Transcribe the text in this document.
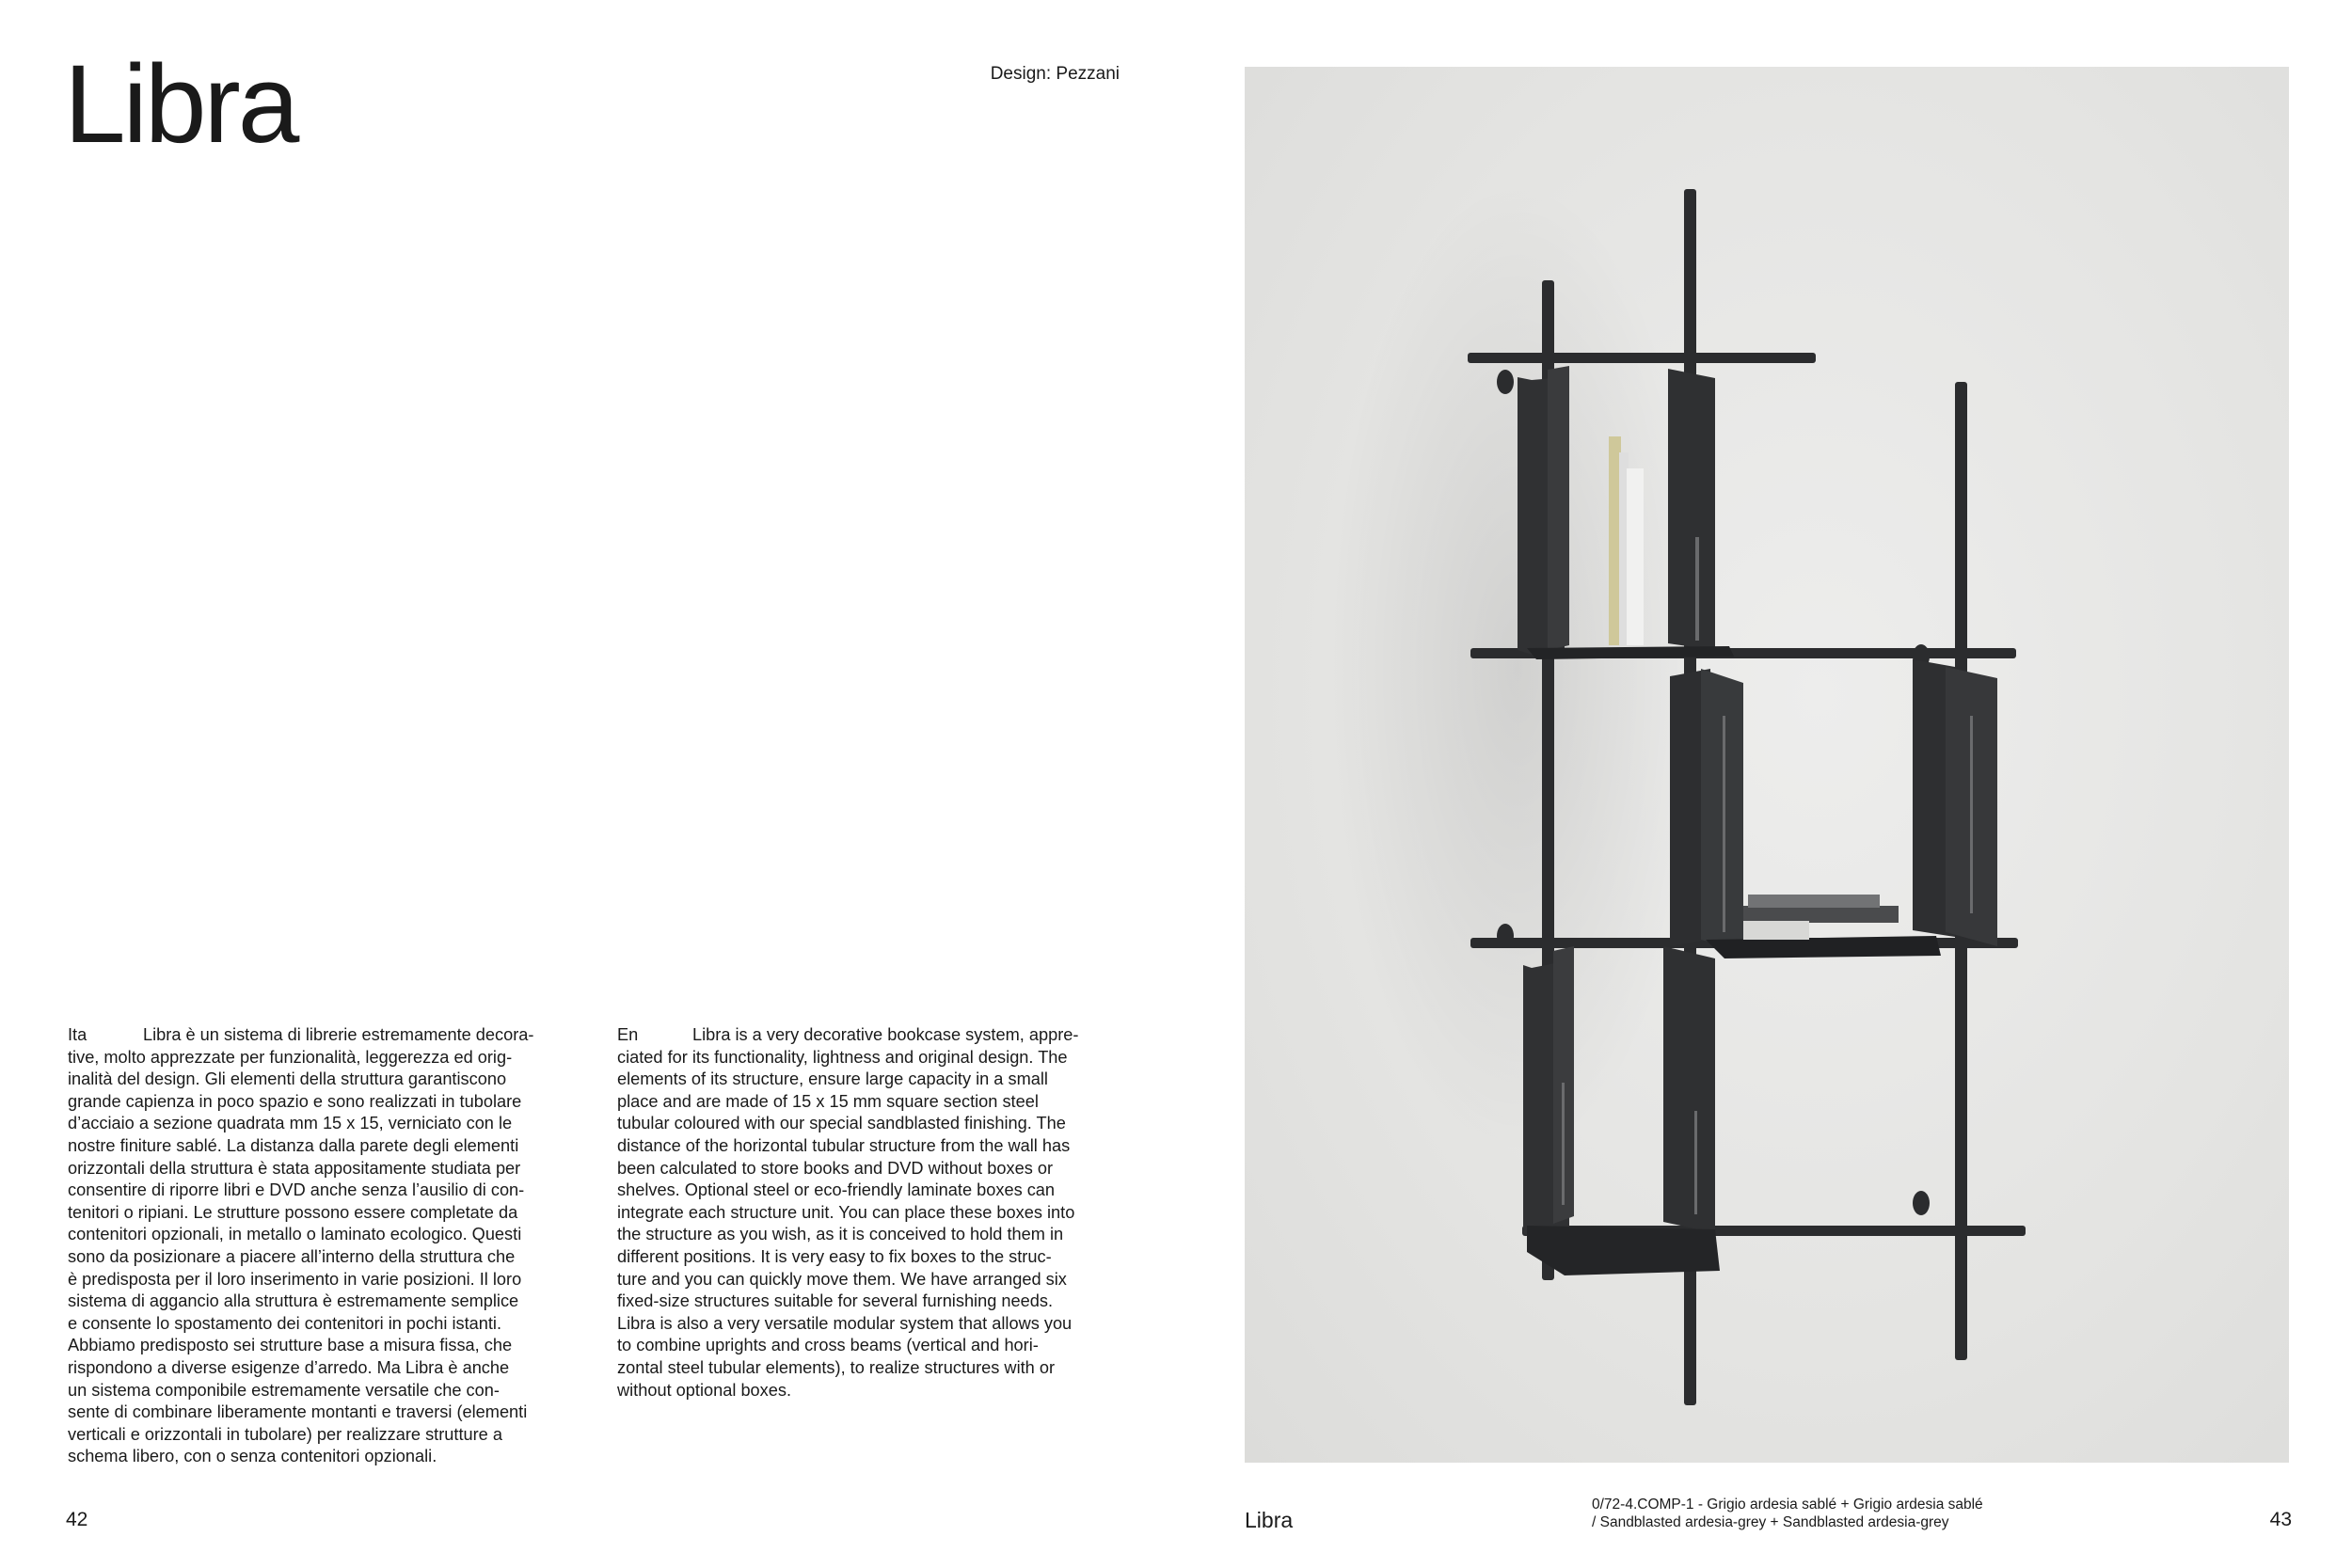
Libra	Design: Pezzani
Ita	Libra è un sistema di librerie estremamente decora-
tive, molto apprezzate per funzionalità, leggerezza ed orig-
inalità del design. Gli elementi della struttura garantiscono
grande capienza in poco spazio e sono realizzati in tubolare
d’acciaio a sezione quadrata mm 15 x 15, verniciato con le
nostre finiture sablé. La distanza dalla parete degli elementi
orizzontali della struttura è stata appositamente studiata per
consentire di riporre libri e DVD anche senza l’ausilio di con-
tenitori o ripiani. Le strutture possono essere completate da
contenitori opzionali, in metallo o laminato ecologico. Questi
sono da posizionare a piacere all’interno della struttura che
è predisposta per il loro inserimento in varie posizioni. Il loro
sistema di aggancio alla struttura è estremamente semplice
e consente lo spostamento dei contenitori in pochi istanti.
Abbiamo predisposto sei strutture base a misura fissa, che
rispondono a diverse esigenze d’arredo. Ma Libra è anche
un sistema componibile estremamente versatile che con-
sente di combinare liberamente montanti e traversi (elementi
verticali e orizzontali in tubolare) per realizzare strutture a
schema libero, con o senza contenitori opzionali.
En	Libra is a very decorative bookcase system, appre-
ciated for its functionality, lightness and original design. The
elements of its structure, ensure large capacity in a small
place and are made of 15 x 15 mm square section steel
tubular coloured with our special sandblasted finishing. The
distance of the horizontal tubular structure from the wall has
been calculated to store books and DVD without boxes or
shelves. Optional steel or eco-friendly laminate boxes can
integrate each structure unit. You can place these boxes into
the structure as you wish, as it is conceived to hold them in
different positions. It is very easy to fix boxes to the struc-
ture and you can quickly move them. We have arranged six
fixed-size structures suitable for several furnishing needs.
Libra is also a very versatile modular system that allows you
to combine uprights and cross beams (vertical and hori-
zontal steel tubular elements), to realize structures with or
without optional boxes.
42	Libra
0/72-4.COMP-1 - Grigio ardesia sablé + Grigio ardesia sablé
/ Sandblasted ardesia-grey + Sandblasted ardesia-grey	43
